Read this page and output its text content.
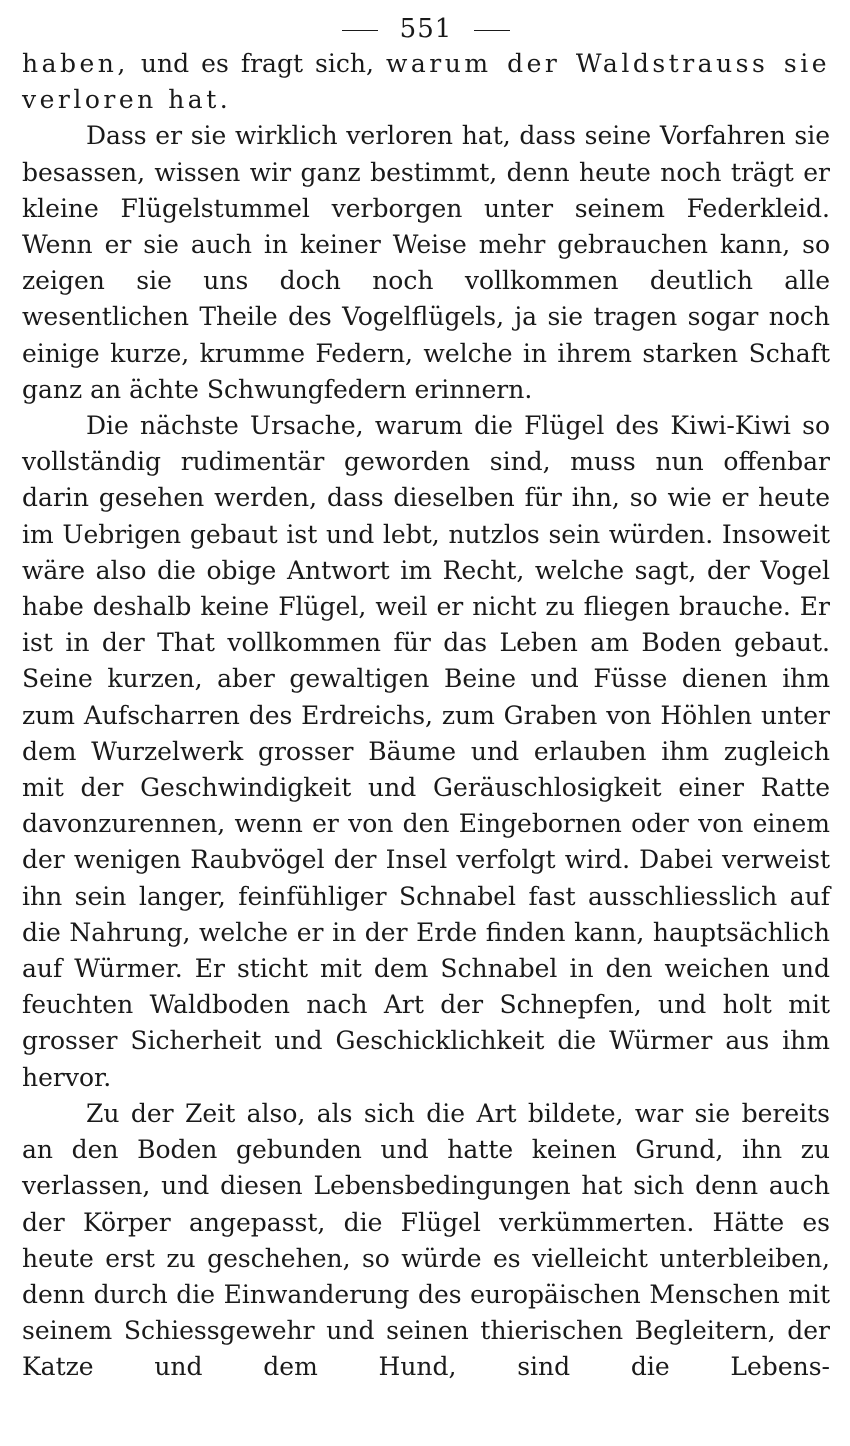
551

haben, und es fragt sich, warum der Waldstrauss sie verloren hat.

Dass er sie wirklich verloren hat, dass seine Vorfahren sie besassen, wissen wir ganz bestimmt, denn heute noch trägt er kleine Flügelstummel verborgen unter seinem Federkleid. Wenn er sie auch in keiner Weise mehr gebrauchen kann, so zeigen sie uns doch noch vollkommen deutlich alle wesentlichen Theile des Vogelflügels, ja sie tragen sogar noch einige kurze, krumme Federn, welche in ihrem starken Schaft ganz an ächte Schwungfedern erinnern.

Die nächste Ursache, warum die Flügel des Kiwi-Kiwi so vollständig rudimentär geworden sind, muss nun offenbar darin gesehen werden, dass dieselben für ihn, so wie er heute im Uebrigen gebaut ist und lebt, nutzlos sein würden. Insoweit wäre also die obige Antwort im Recht, welche sagt, der Vogel habe deshalb keine Flügel, weil er nicht zu fliegen brauche. Er ist in der That vollkommen für das Leben am Boden gebaut. Seine kurzen, aber gewaltigen Beine und Füsse dienen ihm zum Aufscharren des Erdreichs, zum Graben von Höhlen unter dem Wurzelwerk grosser Bäume und erlauben ihm zugleich mit der Geschwindigkeit und Geräuschlosigkeit einer Ratte davonzurennen, wenn er von den Eingebornen oder von einem der wenigen Raubvögel der Insel verfolgt wird. Dabei verweist ihn sein langer, feinfühliger Schnabel fast ausschliesslich auf die Nahrung, welche er in der Erde finden kann, hauptsächlich auf Würmer. Er sticht mit dem Schnabel in den weichen und feuchten Waldboden nach Art der Schnepfen, und holt mit grosser Sicherheit und Geschicklichkeit die Würmer aus ihm hervor.

Zu der Zeit also, als sich die Art bildete, war sie bereits an den Boden gebunden und hatte keinen Grund, ihn zu verlassen, und diesen Lebensbedingungen hat sich denn auch der Körper angepasst, die Flügel verkümmerten. Hätte es heute erst zu geschehen, so würde es vielleicht unterbleiben, denn durch die Einwanderung des europäischen Menschen mit seinem Schiessgewehr und seinen thierischen Begleitern, der Katze und dem Hund, sind die Lebens-
